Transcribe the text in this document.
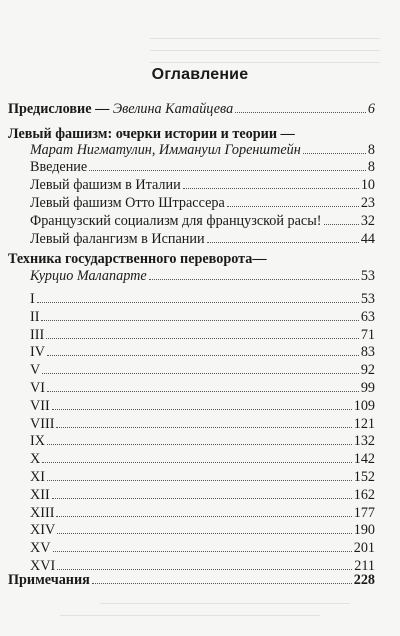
Оглавление
Предисловие — Эвелина Катайцева	6
Левый фашизм: очерки истории и теории —
Марат Нигматулин, Иммануил Горенштейн	8
Введение	8
Левый фашизм в Италии	10
Левый фашизм Отто Штрассера	23
Французский социализм для французской расы!	32
Левый фалангизм в Испании	44
Техника государственного переворота—
Курцио Малапарте	53
I	53
II	63
III	71
IV	83
V	92
VI	99
VII	109
VIII	121
IX	132
X	142
XI	152
XII	162
XIII	177
XIV	190
XV	201
XVI	211
Примечания	228
